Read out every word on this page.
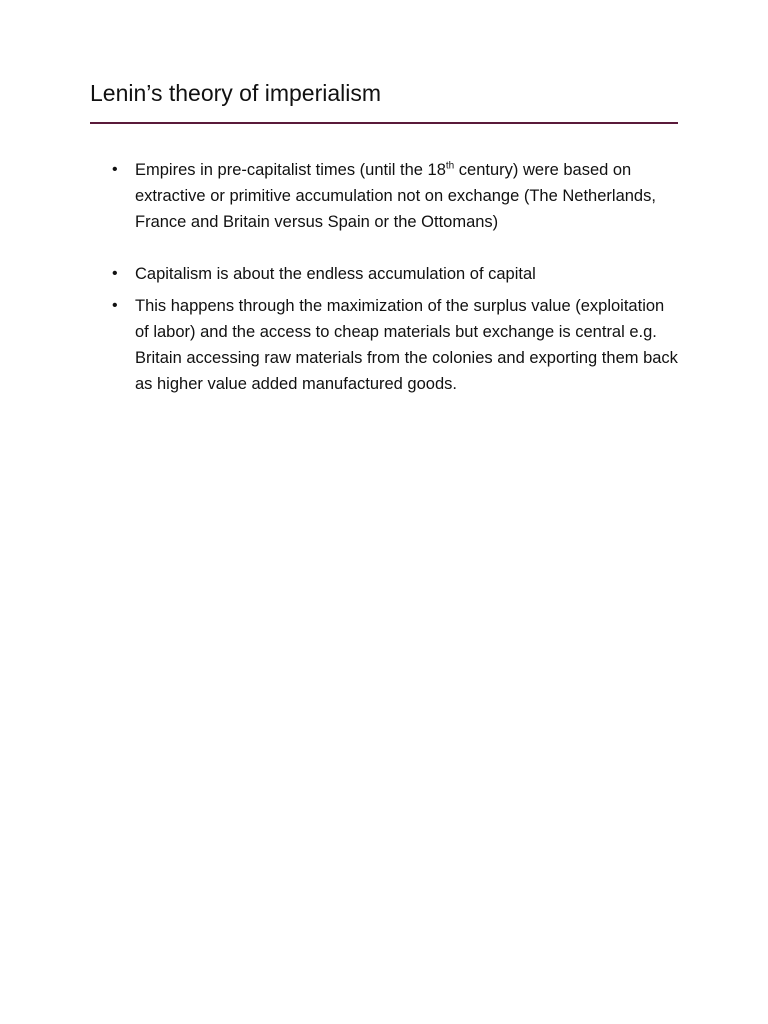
Lenin’s theory of imperialism
• Empires in pre-capitalist times (until the 18th century) were based on extractive or primitive accumulation not on exchange (The Netherlands, France and Britain versus Spain or the Ottomans)
• Capitalism is about the endless accumulation of capital
• This happens through the maximization of the surplus value (exploitation of labor) and the access to cheap materials but exchange is central e.g. Britain accessing raw materials from the colonies and exporting them back as higher value added manufactured goods.
